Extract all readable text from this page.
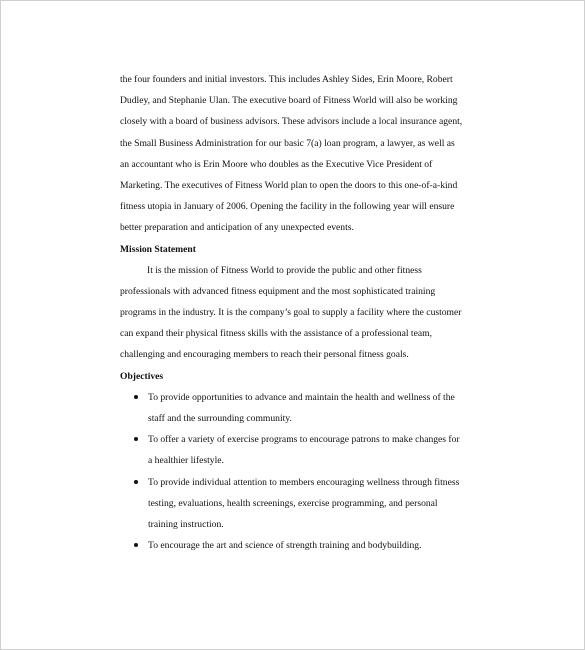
the four founders and initial investors. This includes Ashley Sides, Erin Moore, Robert
Dudley, and Stephanie Ulan. The executive board of Fitness World will also be working
closely with a board of business advisors. These advisors include a local insurance agent,
the Small Business Administration for our basic 7(a) loan program, a lawyer, as well as
an accountant who is Erin Moore who doubles as the Executive Vice President of
Marketing. The executives of Fitness World plan to open the doors to this one-of-a-kind
fitness utopia in January of 2006. Opening the facility in the following year will ensure
better preparation and anticipation of any unexpected events.
Mission Statement
It is the mission of Fitness World to provide the public and other fitness
professionals with advanced fitness equipment and the most sophisticated training
programs in the industry. It is the company’s goal to supply a facility where the customer
can expand their physical fitness skills with the assistance of a professional team,
challenging and encouraging members to reach their personal fitness goals.
Objectives
To provide opportunities to advance and maintain the health and wellness of the
staff and the surrounding community.
To offer a variety of exercise programs to encourage patrons to make changes for
a healthier lifestyle.
To provide individual attention to members encouraging wellness through fitness
testing, evaluations, health screenings, exercise programming, and personal
training instruction.
To encourage the art and science of strength training and bodybuilding.
